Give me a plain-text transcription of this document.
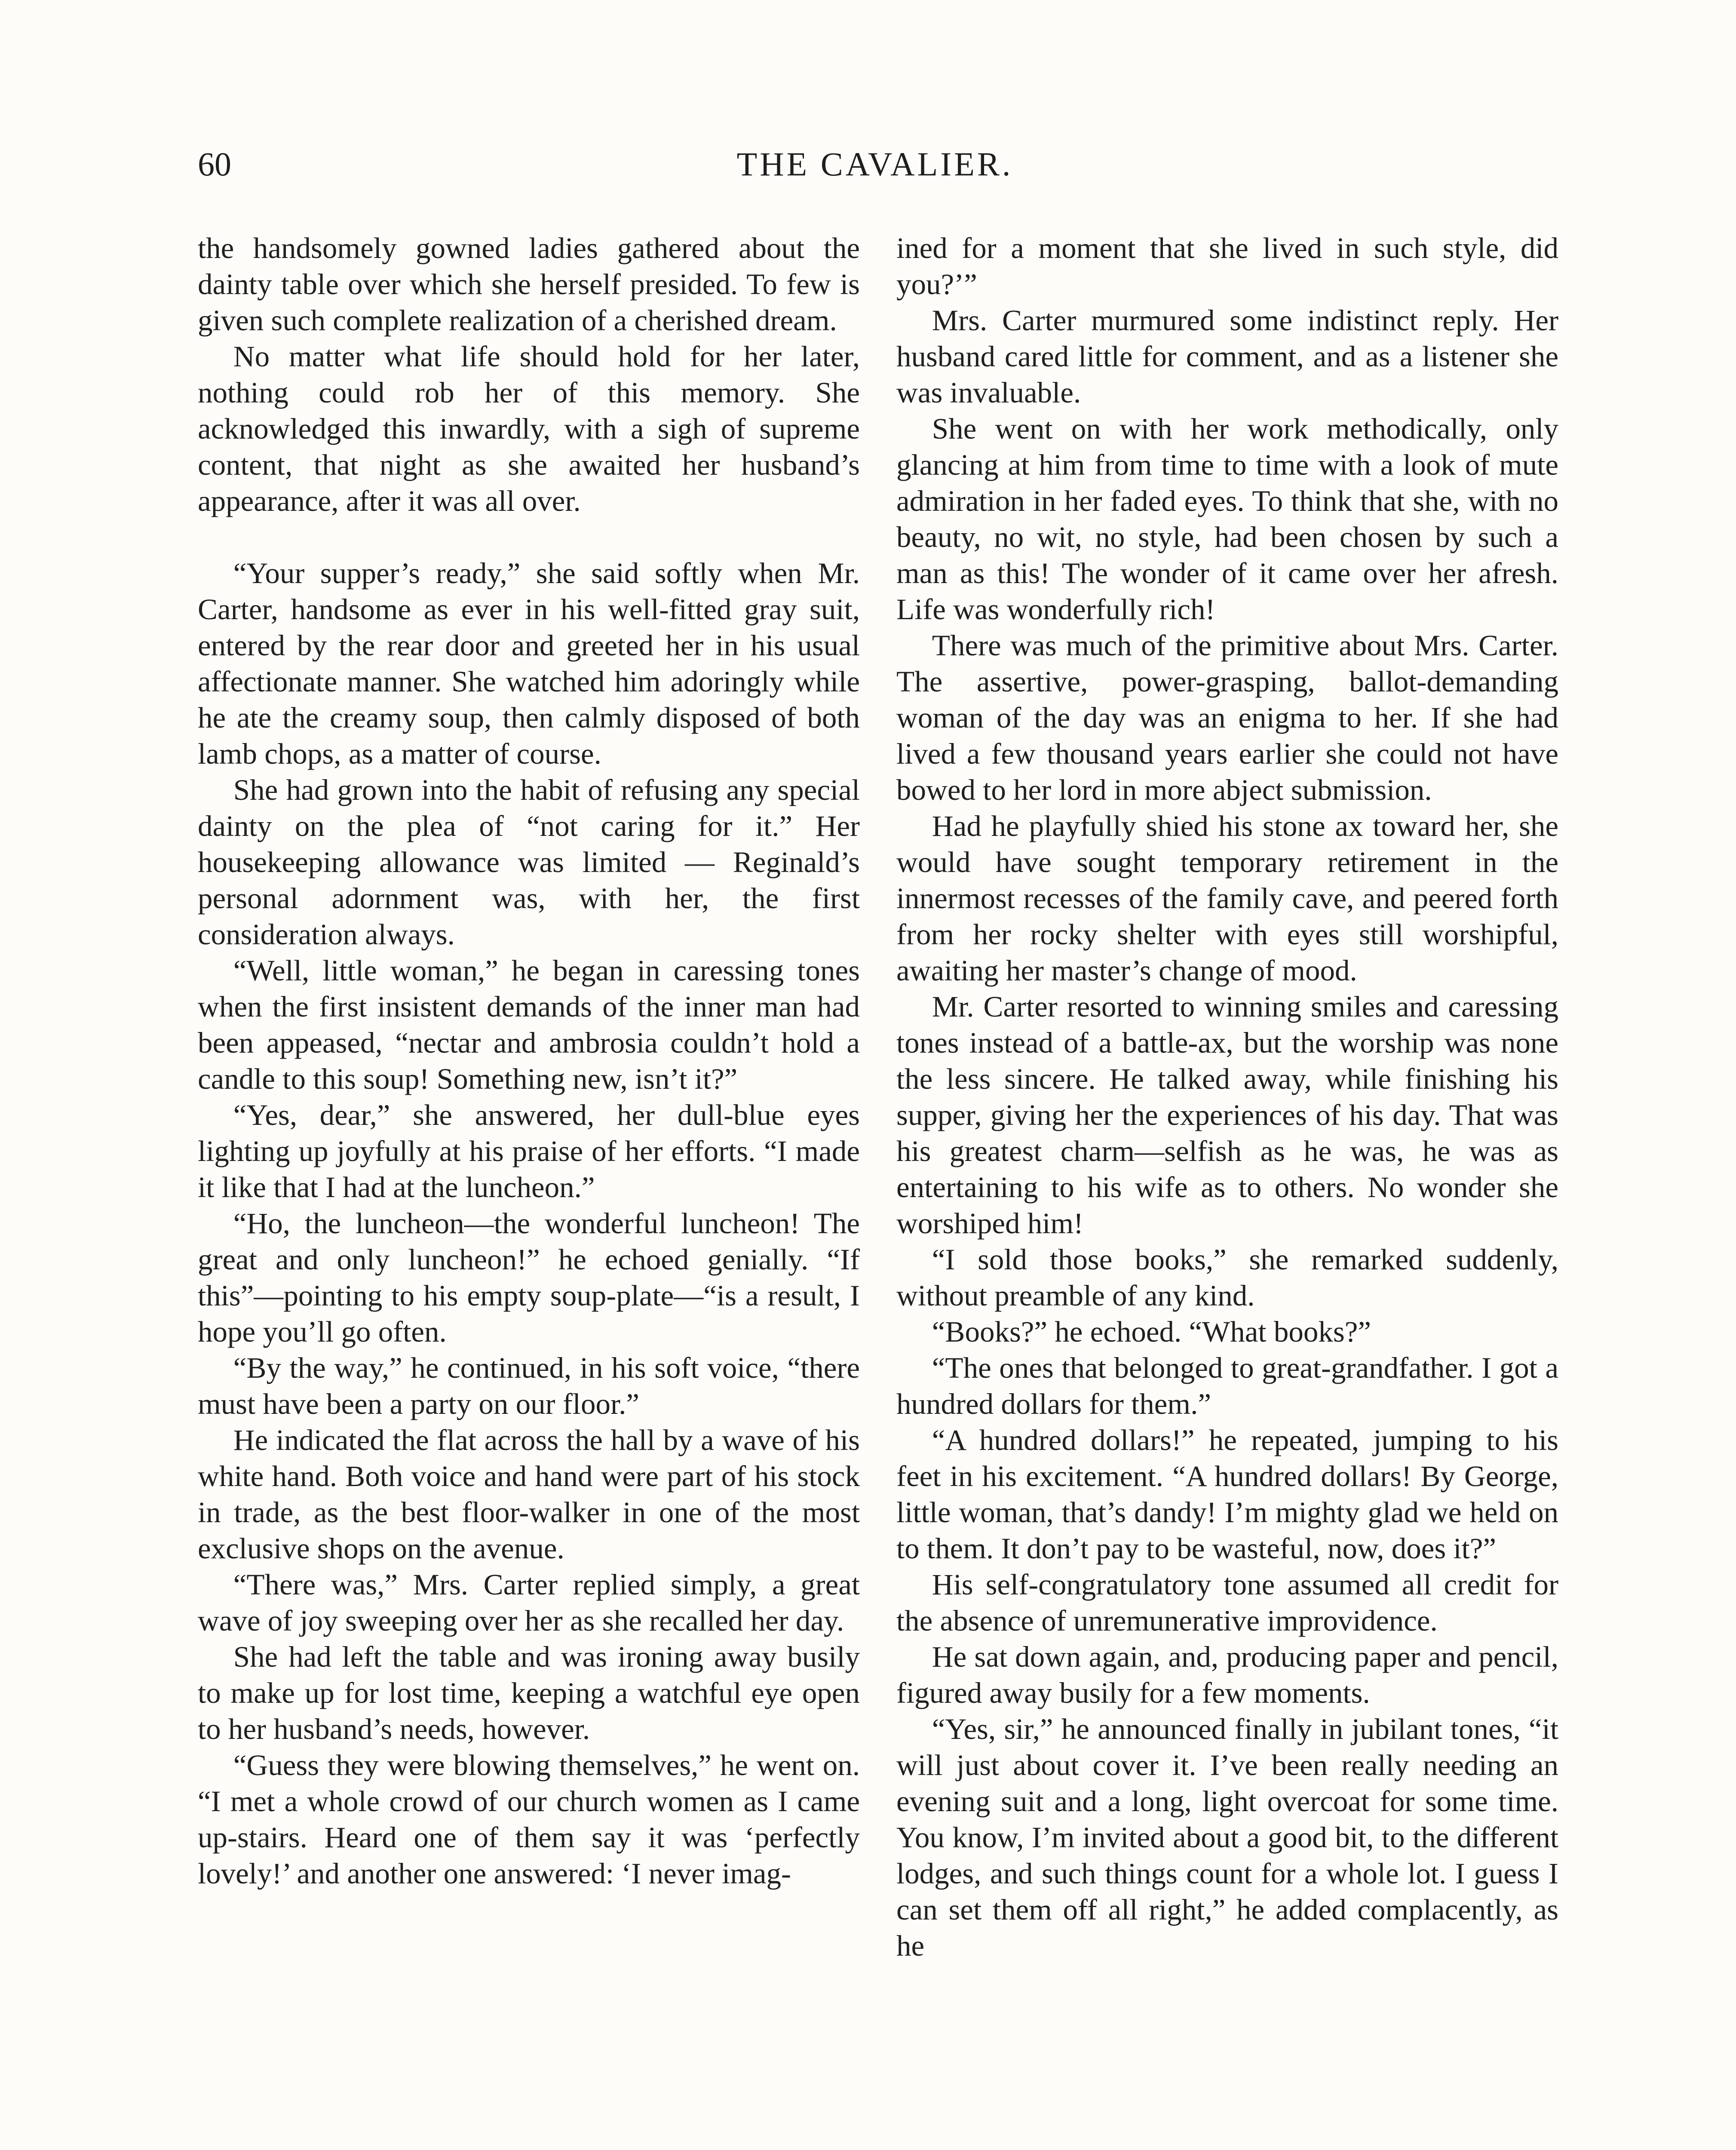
60	THE CAVALIER.

the handsomely gowned ladies gathered about the dainty table over which she herself presided. To few is given such complete realization of a cherished dream.

No matter what life should hold for her later, nothing could rob her of this memory. She acknowledged this inwardly, with a sigh of supreme content, that night as she awaited her husband’s appearance, after it was all over.

“Your supper’s ready,” she said softly when Mr. Carter, handsome as ever in his well-fitted gray suit, entered by the rear door and greeted her in his usual affectionate manner. She watched him adoringly while he ate the creamy soup, then calmly disposed of both lamb chops, as a matter of course.

She had grown into the habit of refusing any special dainty on the plea of “not caring for it.” Her housekeeping allowance was limited — Reginald’s personal adornment was, with her, the first consideration always.

“Well, little woman,” he began in caressing tones when the first insistent demands of the inner man had been appeased, “nectar and ambrosia couldn’t hold a candle to this soup! Something new, isn’t it?”

“Yes, dear,” she answered, her dull-blue eyes lighting up joyfully at his praise of her efforts. “I made it like that I had at the luncheon.”

“Ho, the luncheon—the wonderful luncheon! The great and only luncheon!” he echoed genially. “If this”—pointing to his empty soup-plate—“is a result, I hope you’ll go often.

“By the way,” he continued, in his soft voice, “there must have been a party on our floor.”

He indicated the flat across the hall by a wave of his white hand. Both voice and hand were part of his stock in trade, as the best floor-walker in one of the most exclusive shops on the avenue.

“There was,” Mrs. Carter replied simply, a great wave of joy sweeping over her as she recalled her day.

She had left the table and was ironing away busily to make up for lost time, keeping a watchful eye open to her husband’s needs, however.

“Guess they were blowing themselves,” he went on. “I met a whole crowd of our church women as I came up-stairs. Heard one of them say it was ‘perfectly lovely!’ and another one answered: ‘I never imag-

ined for a moment that she lived in such style, did you?’”

Mrs. Carter murmured some indistinct reply. Her husband cared little for comment, and as a listener she was invaluable.

She went on with her work methodically, only glancing at him from time to time with a look of mute admiration in her faded eyes. To think that she, with no beauty, no wit, no style, had been chosen by such a man as this! The wonder of it came over her afresh. Life was wonderfully rich!

There was much of the primitive about Mrs. Carter. The assertive, power-grasping, ballot-demanding woman of the day was an enigma to her. If she had lived a few thousand years earlier she could not have bowed to her lord in more abject submission.

Had he playfully shied his stone ax toward her, she would have sought temporary retirement in the innermost recesses of the family cave, and peered forth from her rocky shelter with eyes still worshipful, awaiting her master’s change of mood.

Mr. Carter resorted to winning smiles and caressing tones instead of a battle-ax, but the worship was none the less sincere. He talked away, while finishing his supper, giving her the experiences of his day. That was his greatest charm—selfish as he was, he was as entertaining to his wife as to others. No wonder she worshiped him!

“I sold those books,” she remarked suddenly, without preamble of any kind.

“Books?” he echoed. “What books?”

“The ones that belonged to great-grandfather. I got a hundred dollars for them.”

“A hundred dollars!” he repeated, jumping to his feet in his excitement. “A hundred dollars! By George, little woman, that’s dandy! I’m mighty glad we held on to them. It don’t pay to be wasteful, now, does it?”

His self-congratulatory tone assumed all credit for the absence of unremunerative improvidence.

He sat down again, and, producing paper and pencil, figured away busily for a few moments.

“Yes, sir,” he announced finally in jubilant tones, “it will just about cover it. I’ve been really needing an evening suit and a long, light overcoat for some time. You know, I’m invited about a good bit, to the different lodges, and such things count for a whole lot. I guess I can set them off all right,” he added complacently, as he
